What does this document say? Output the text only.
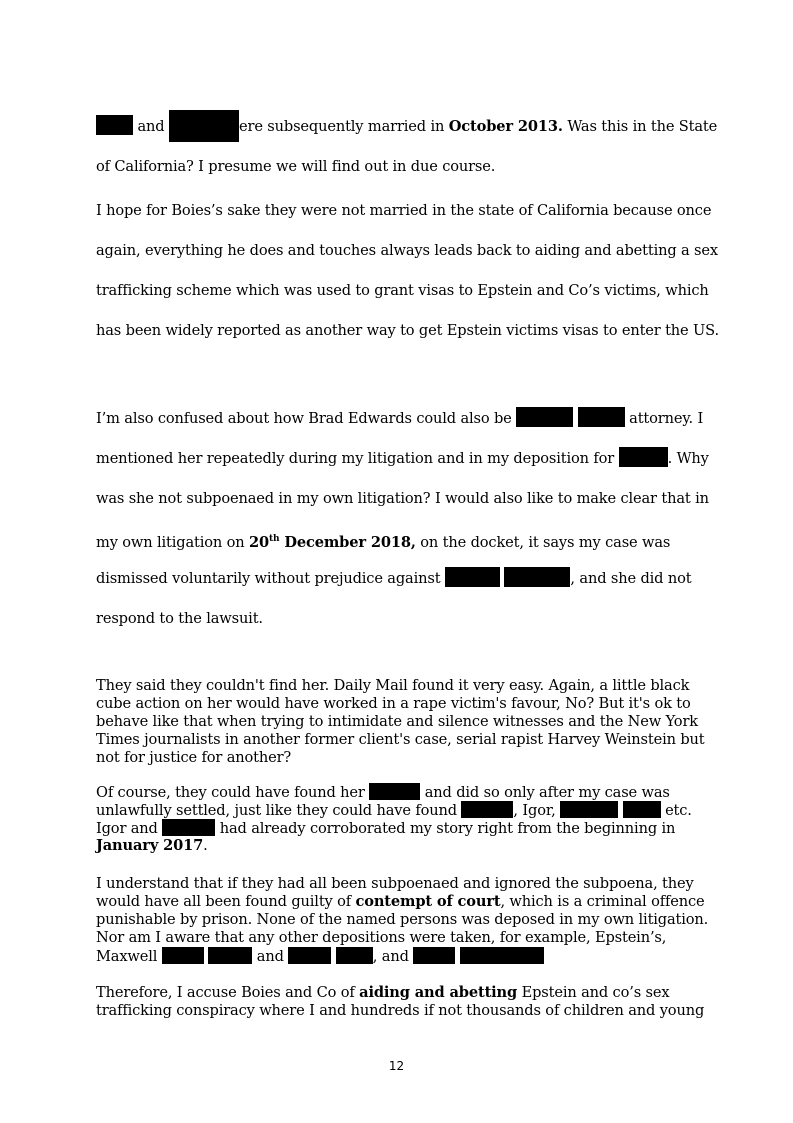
and	ere subsequently married in October 2013. Was this in the State
of California? I presume we will find out in due course.
I hope for Boies’s sake they were not married in the state of California because once
again, everything he does and touches always leads back to aiding and abetting a sex
trafficking scheme which was used to grant visas to Epstein and Co’s victims, which
has been widely reported as another way to get Epstein victims visas to enter the US.
I’m also confused about how Brad Edwards could also be	attorney. I
mentioned her repeatedly during my litigation and in my deposition for	. Why
was she not subpoenaed in my own litigation? I would also like to make clear that in
my own litigation on 20th December 2018, on the docket, it says my case was
dismissed voluntarily without prejudice against	, and she did not
respond to the lawsuit.
They said they couldn't find her. Daily Mail found it very easy. Again, a little black
cube action on her would have worked in a rape victim's favour, No? But it's ok to
behave like that when trying to intimidate and silence witnesses and the New York
Times journalists in another former client's case, serial rapist Harvey Weinstein but
not for justice for another?
Of course, they could have found her	and did so only after my case was
unlawfully settled, just like they could have found	, Igor,	etc.
Igor and	had already corroborated my story right from the beginning in
January 2017.
I understand that if they had all been subpoenaed and ignored the subpoena, they
would have all been found guilty of contempt of court, which is a criminal offence
punishable by prison. None of the named persons was deposed in my own litigation.
Nor am I aware that any other depositions were taken, for example, Epstein’s,
Maxwell	and	, and
Therefore, I accuse Boies and Co of aiding and abetting Epstein and co’s sex
trafficking conspiracy where I and hundreds if not thousands of children and young
12
